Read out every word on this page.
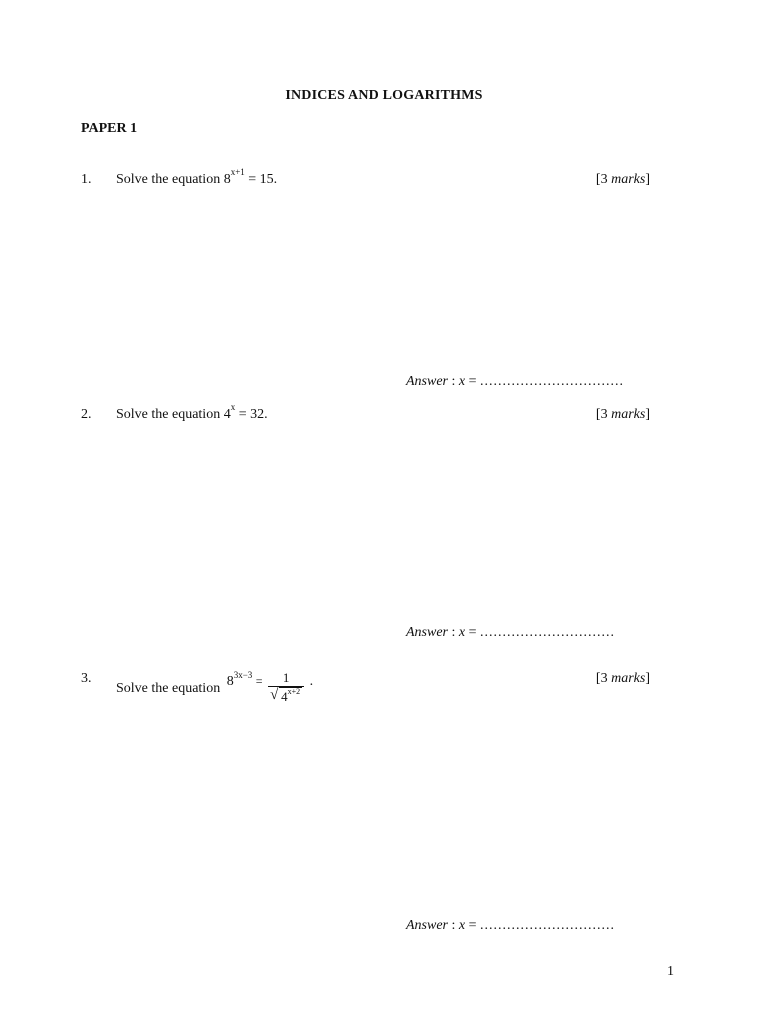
INDICES AND LOGARITHMS
PAPER 1
1. Solve the equation $8^{x+1} = 15$.	[3 marks]
Answer : x = ................................
2. Solve the equation $4^x = 32$.	[3 marks]
Answer : x = ..............................
3.
Solve the equation $8^{3x-3} = \frac{1}{√ 4^{x+2}}$ .	[3 marks]
Answer : x = ..............................
1
